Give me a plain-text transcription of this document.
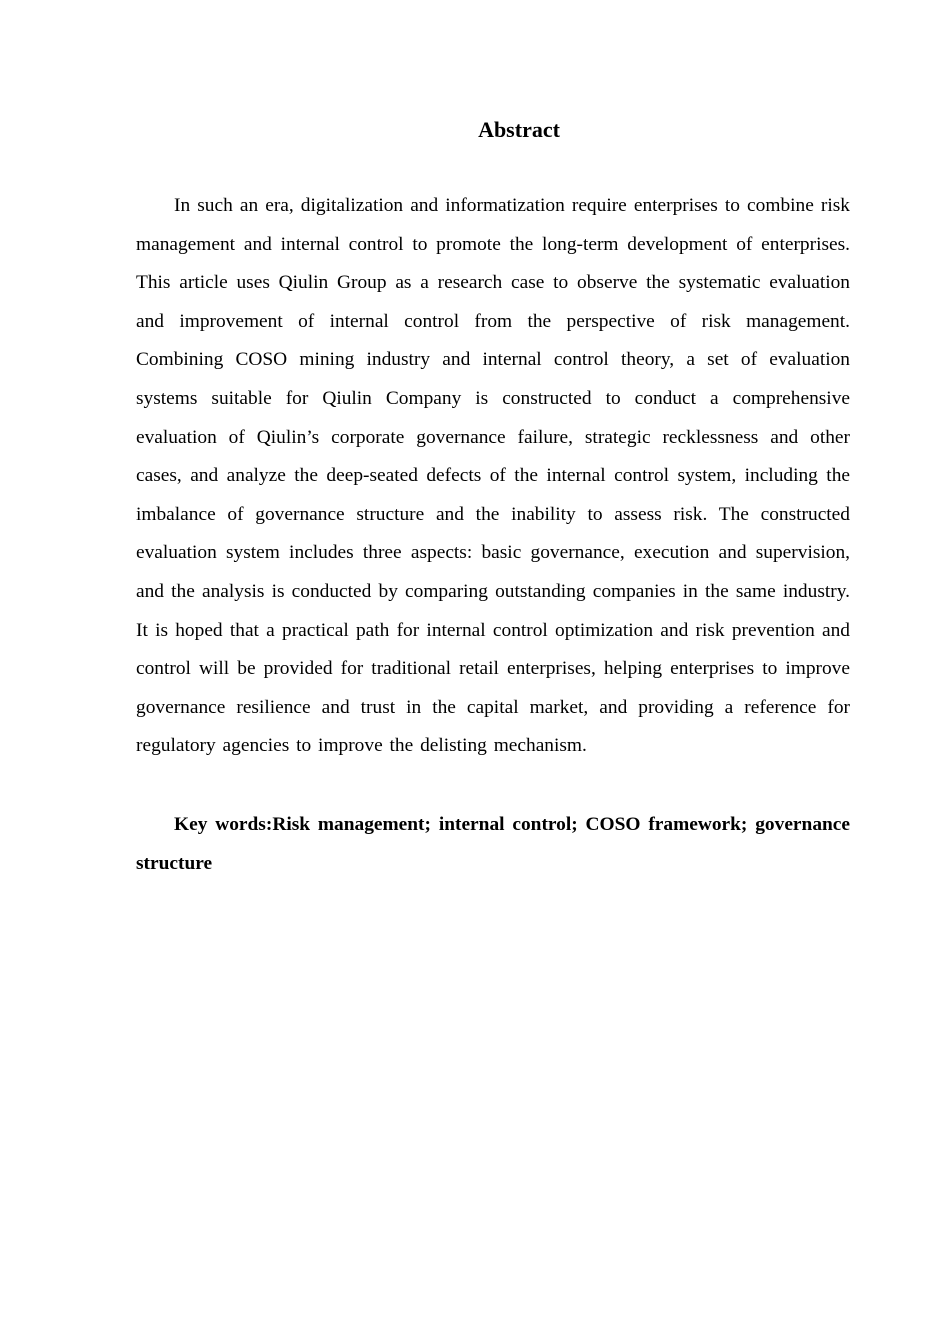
Abstract

In such an era, digitalization and informatization require enterprises to combine risk management and internal control to promote the long-term development of enterprises. This article uses Qiulin Group as a research case to observe the systematic evaluation and improvement of internal control from the perspective of risk management. Combining COSO mining industry and internal control theory, a set of evaluation systems suitable for Qiulin Company is constructed to conduct a comprehensive evaluation of Qiulin’s corporate governance failure, strategic recklessness and other cases, and analyze the deep-seated defects of the internal control system, including the imbalance of governance structure and the inability to assess risk. The constructed evaluation system includes three aspects: basic governance, execution and supervision, and the analysis is conducted by comparing outstanding companies in the same industry. It is hoped that a practical path for internal control optimization and risk prevention and control will be provided for traditional retail enterprises, helping enterprises to improve governance resilience and trust in the capital market, and providing a reference for regulatory agencies to improve the delisting mechanism.

Key words:Risk management; internal control; COSO framework; governance structure
